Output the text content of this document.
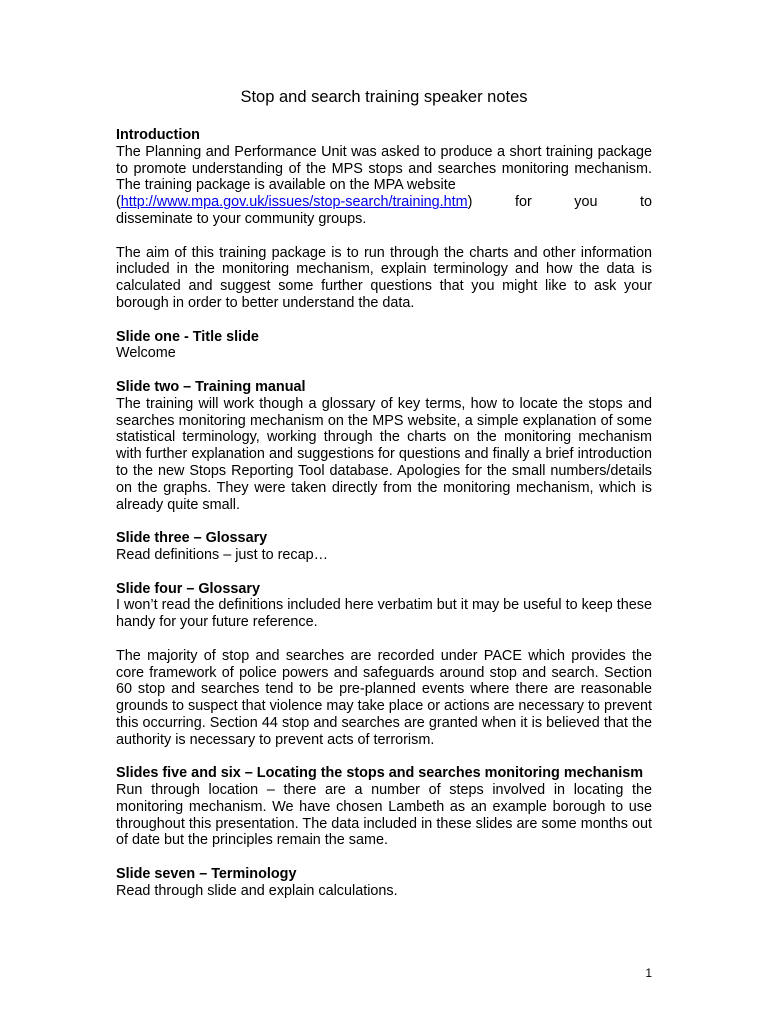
Stop and search training speaker notes

Introduction

The Planning and Performance Unit was asked to produce a short training package to promote understanding of the MPS stops and searches monitoring mechanism. The training package is available on the MPA website

(http://www.mpa.gov.uk/issues/stop-search/training.htm)	for	you	to

disseminate to your community groups.

The aim of this training package is to run through the charts and other information included in the monitoring mechanism, explain terminology and how the data is calculated and suggest some further questions that you might like to ask your borough in order to better understand the data.

Slide one - Title slide

Welcome

Slide two – Training manual

The training will work though a glossary of key terms, how to locate the stops and searches monitoring mechanism on the MPS website, a simple explanation of some statistical terminology, working through the charts on the monitoring mechanism with further explanation and suggestions for questions and finally a brief introduction to the new Stops Reporting Tool database. Apologies for the small numbers/details on the graphs. They were taken directly from the monitoring mechanism, which is already quite small.

Slide three – Glossary

Read definitions – just to recap…

Slide four – Glossary

I won’t read the definitions included here verbatim but it may be useful to keep these handy for your future reference.

The majority of stop and searches are recorded under PACE which provides the core framework of police powers and safeguards around stop and search. Section 60 stop and searches tend to be pre-planned events where there are reasonable grounds to suspect that violence may take place or actions are necessary to prevent this occurring. Section 44 stop and searches are granted when it is believed that the authority is necessary to prevent acts of terrorism.

Slides five and six – Locating the stops and searches monitoring mechanism

Run through location – there are a number of steps involved in locating the monitoring mechanism. We have chosen Lambeth as an example borough to use throughout this presentation. The data included in these slides are some months out of date but the principles remain the same.

Slide seven – Terminology

Read through slide and explain calculations.

1
